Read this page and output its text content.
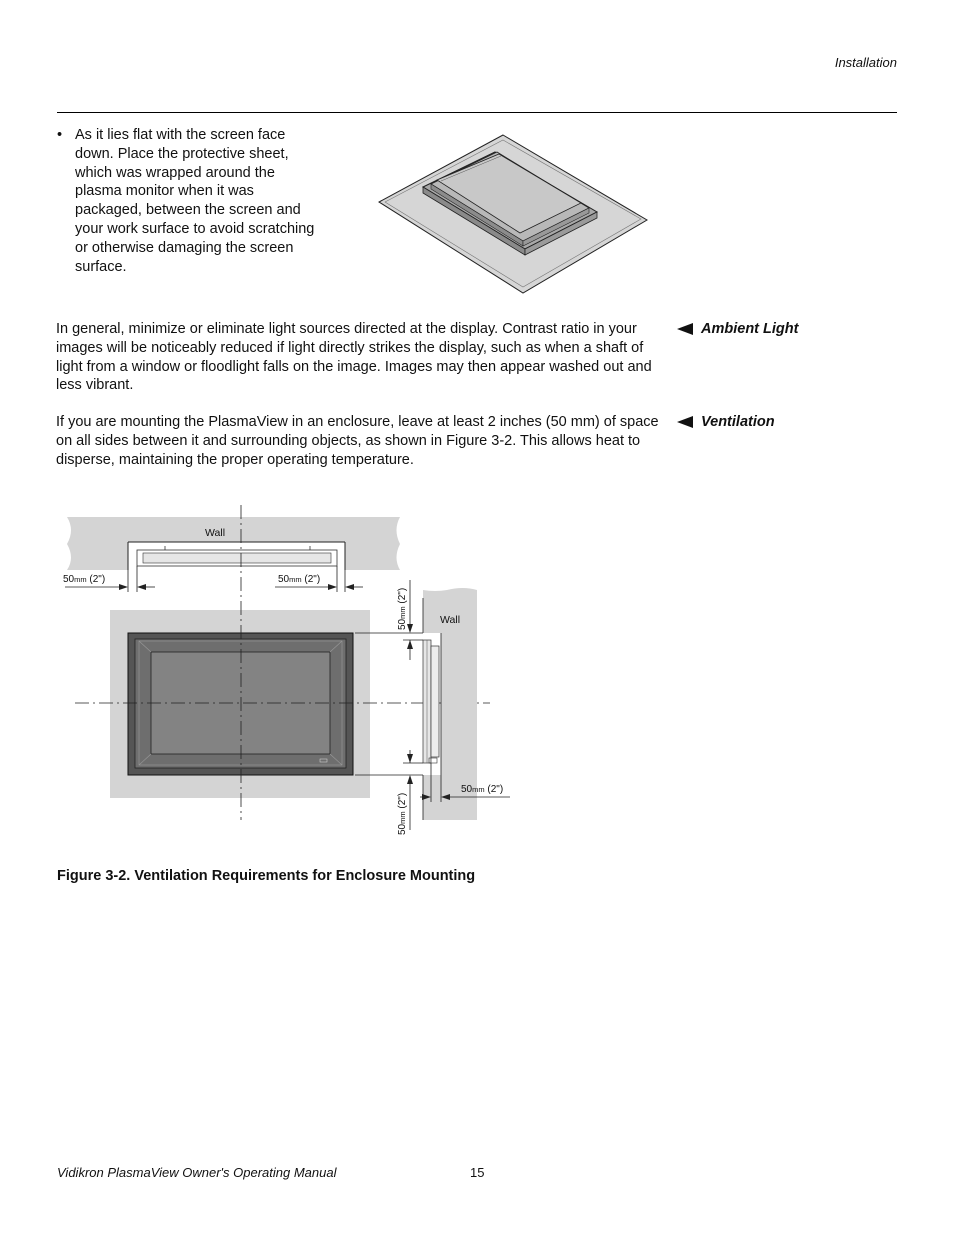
Installation
• As it lies flat with the screen face down. Place the protective sheet, which was wrapped around the plasma monitor when it was packaged, between the screen and your work surface to avoid scratching or otherwise damaging the screen surface.
In general, minimize or eliminate light sources directed at the display. Contrast ratio in your images will be noticeably reduced if light directly strikes the display, such as when a shaft of light from a window or floodlight falls on the image. Images may then appear washed out and less vibrant.
Ambient Light
If you are mounting the PlasmaView in an enclosure, leave at least 2 inches (50 mm) of space on all sides between it and surrounding objects, as shown in Figure 3-2. This allows heat to disperse, maintaining the proper operating temperature.
Ventilation
Wall
50mm (2")	50mm (2")
Wall
50mm (2")
50mm (2")
50mm (2")
Figure 3-2. Ventilation Requirements for Enclosure Mounting
Vidikron PlasmaView Owner's Operating Manual	15
